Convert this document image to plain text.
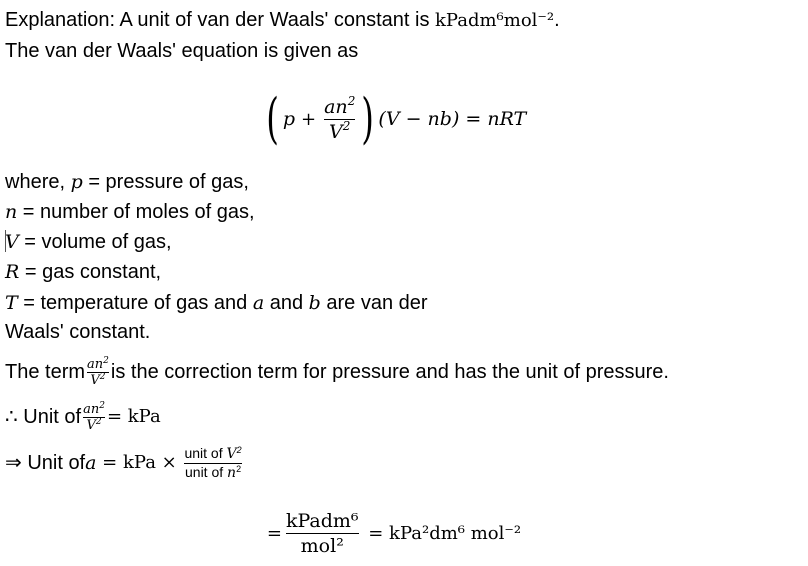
Explanation: A unit of van der Waals' constant is kPadm⁶mol⁻².
The van der Waals' equation is given as
( $p + \frac{an^2}{V^2}$ ) (V − nb) = nRT
where, p = pressure of gas,
n = number of moles of gas,
V = volume of gas,
R = gas constant,
T = temperature of gas and a and b are van der
Waals' constant.
The term $\frac{an^2}{V^2}$ is the correction term for pressure and has the unit of pressure.
∴ Unit of $\frac{an^2}{V^2}$ = kPa
⇒ Unit of a = kPa × $\frac{unit of V^2}{unit of n^2}$
= $\frac{\text{kPadm⁶}}{\text{mol²}} = kPa^2dm^6$ mol⁻²
